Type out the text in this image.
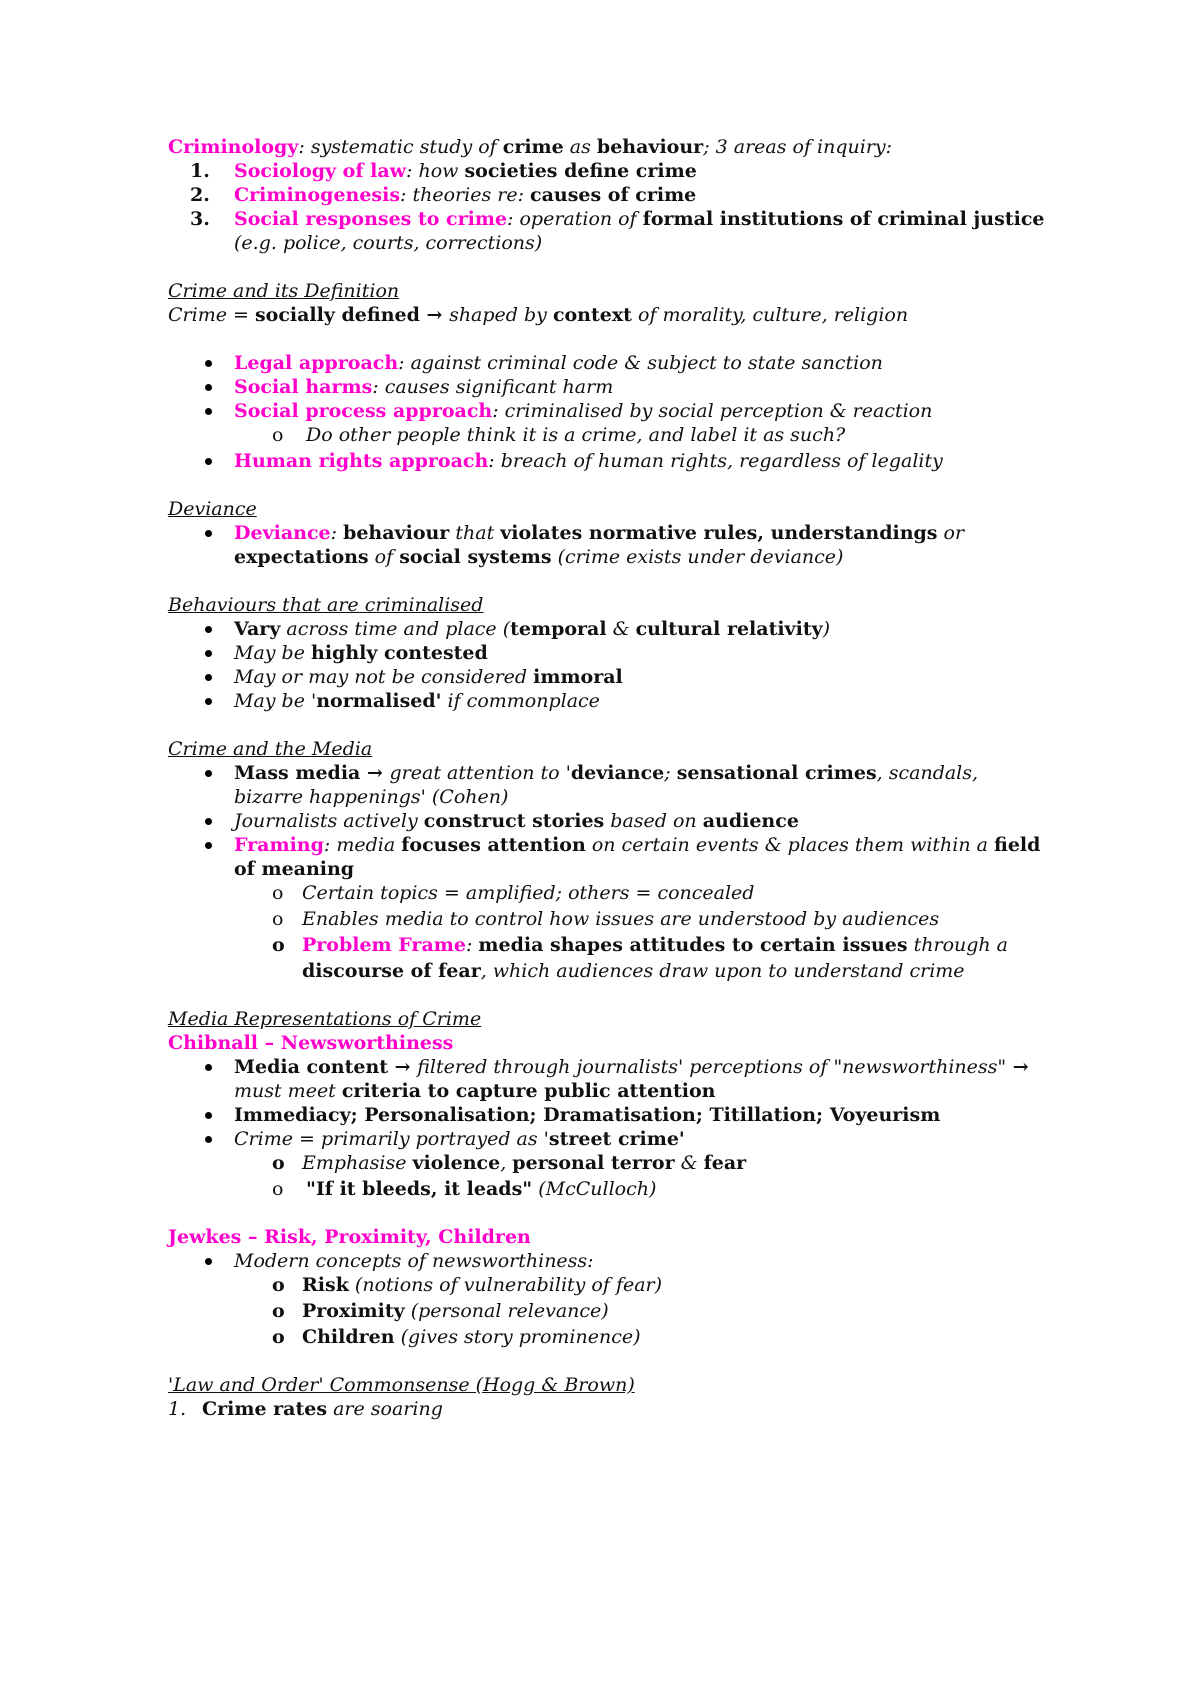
Criminology: systematic study of crime as behaviour; 3 areas of inquiry:
1. Sociology of law: how societies define crime
2. Criminogenesis: theories re: causes of crime
3. Social responses to crime: operation of formal institutions of criminal justice
(e.g. police, courts, corrections)
Crime and its Definition
Crime = socially defined → shaped by context of morality, culture, religion
Legal approach: against criminal code & subject to state sanction
Social harms: causes significant harm
Social process approach: criminalised by social perception & reaction
o Do other people think it is a crime, and label it as such?
Human rights approach: breach of human rights, regardless of legality
Deviance
Deviance: behaviour that violates normative rules, understandings or
expectations of social systems (crime exists under deviance)
Behaviours that are criminalised
Vary across time and place (temporal & cultural relativity)
May be highly contested
May or may not be considered immoral
May be 'normalised' if commonplace
Crime and the Media
Mass media → great attention to 'deviance; sensational crimes, scandals,
bizarre happenings' (Cohen)
Journalists actively construct stories based on audience
Framing: media focuses attention on certain events & places them within a field
of meaning
o Certain topics = amplified; others = concealed
o Enables media to control how issues are understood by audiences
o Problem Frame: media shapes attitudes to certain issues through a
discourse of fear, which audiences draw upon to understand crime
Media Representations of Crime
Chibnall – Newsworthiness
Media content → filtered through journalists' perceptions of "newsworthiness" →
must meet criteria to capture public attention
Immediacy; Personalisation; Dramatisation; Titillation; Voyeurism
Crime = primarily portrayed as 'street crime'
o Emphasise violence, personal terror & fear
o "If it bleeds, it leads" (McCulloch)
Jewkes – Risk, Proximity, Children
Modern concepts of newsworthiness:
o Risk (notions of vulnerability of fear)
o Proximity (personal relevance)
o Children (gives story prominence)
'Law and Order' Commonsense (Hogg & Brown)
1. Crime rates are soaring
